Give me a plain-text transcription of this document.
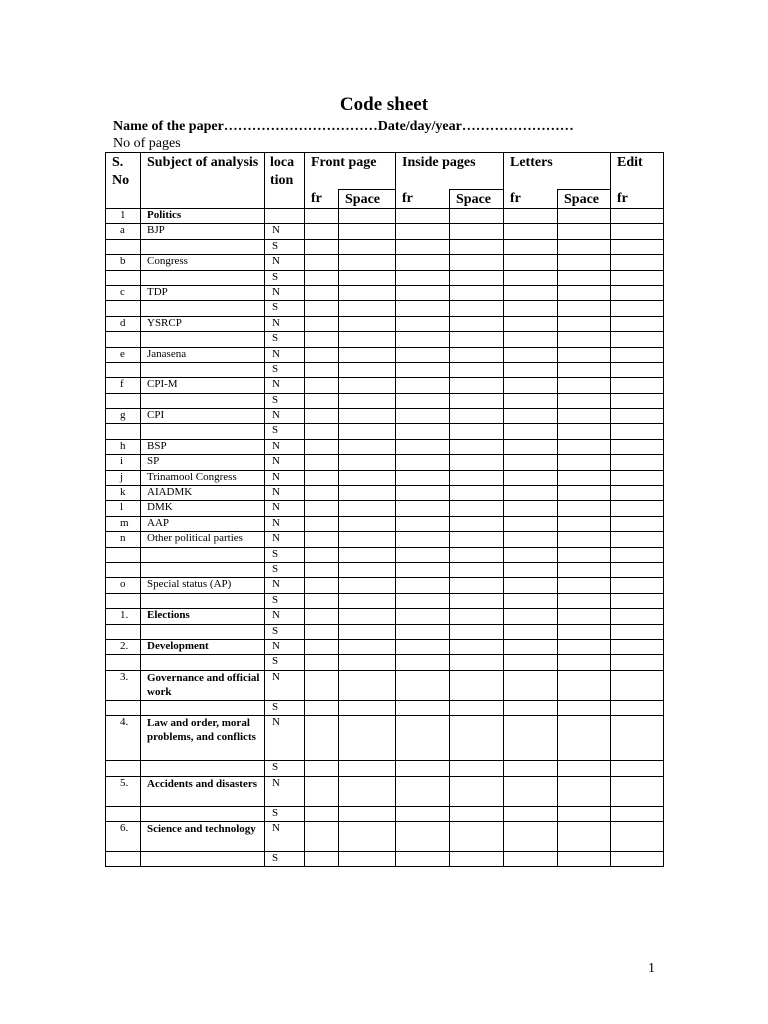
Code sheet
Name of the paper……………………………Date/day/year……………………
No of pages
S. No	Subject of analysis	loca tion	Front page		Inside pages		Letters		Edit
			fr	Space	fr	Space	fr	Space	fr
1	Politics								
a	BJP	N							
		S							
b	Congress	N							
		S							
c	TDP	N							
		S							
d	YSRCP	N							
		S							
e	Janasena	N							
		S							
f	CPI-M	N							
		S							
g	CPI	N							
		S							
h	BSP	N							
i	SP	N							
j	Trinamool Congress	N							
k	AIADMK	N							
l	DMK	N							
m	AAP	N							
n	Other political parties	N							
		S							
		S							
o	Special status (AP)	N							
		S							
1.	Elections	N							
		S							
2.	Development	N							
		S							
3.	Governance and official work	N							
		S							
4.	Law and order, moral problems, and conflicts	N							
		S							
5.	Accidents and disasters	N							
		S							
6.	Science and technology	N							
		S							
1
